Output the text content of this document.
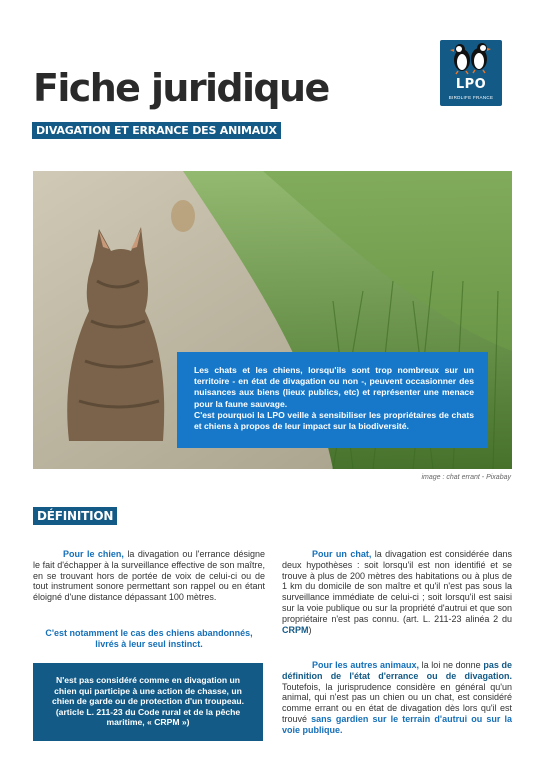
Fiche juridique
DIVAGATION ET ERRANCE DES ANIMAUX
LPO
BIRDLIFE FRANCE

Les chats et les chiens, lorsqu'ils sont trop nombreux sur un territoire - en état de divagation ou non -, peuvent occasionner des nuisances aux biens (lieux publics, etc) et représenter une menace pour la faune sauvage.

C'est pourquoi la LPO veille à sensibiliser les propriétaires de chats et chiens à propos de leur impact sur la biodiversité.

image : chat errant - Pixabay
DÉFINITION

Pour le chien, la divagation ou l'errance désigne le fait d'échapper à la surveillance effective de son maître, en se trouvant hors de portée de voix de celui-ci ou de tout instrument sonore permettant son rappel ou en étant éloigné d'une distance dépassant 100 mètres.

C'est notamment le cas des chiens abandonnés, livrés à leur seul instinct.
N'est pas considéré comme en divagation un chien qui participe à une action de chasse, un chien de garde ou de protection d'un troupeau. (article L. 211-23 du Code rural et de la pêche maritime, « CRPM »)

Pour un chat, la divagation est considérée dans deux hypothèses : soit lorsqu'il est non identifié et se trouve à plus de 200 mètres des habitations ou à plus de 1 km du domicile de son maître et qu'il n'est pas sous la surveillance immédiate de celui-ci ; soit lorsqu'il est saisi sur la voie publique ou sur la propriété d'autrui et que son propriétaire n'est pas connu. (art. L. 211-23 alinéa 2 du CRPM)

Pour les autres animaux, la loi ne donne pas de définition de l'état d'errance ou de divagation. Toutefois, la jurisprudence considère en général qu'un animal, qui n'est pas un chien ou un chat, est considéré comme errant ou en état de divagation dès lors qu'il est trouvé sans gardien sur le terrain d'autrui ou sur la voie publique.
